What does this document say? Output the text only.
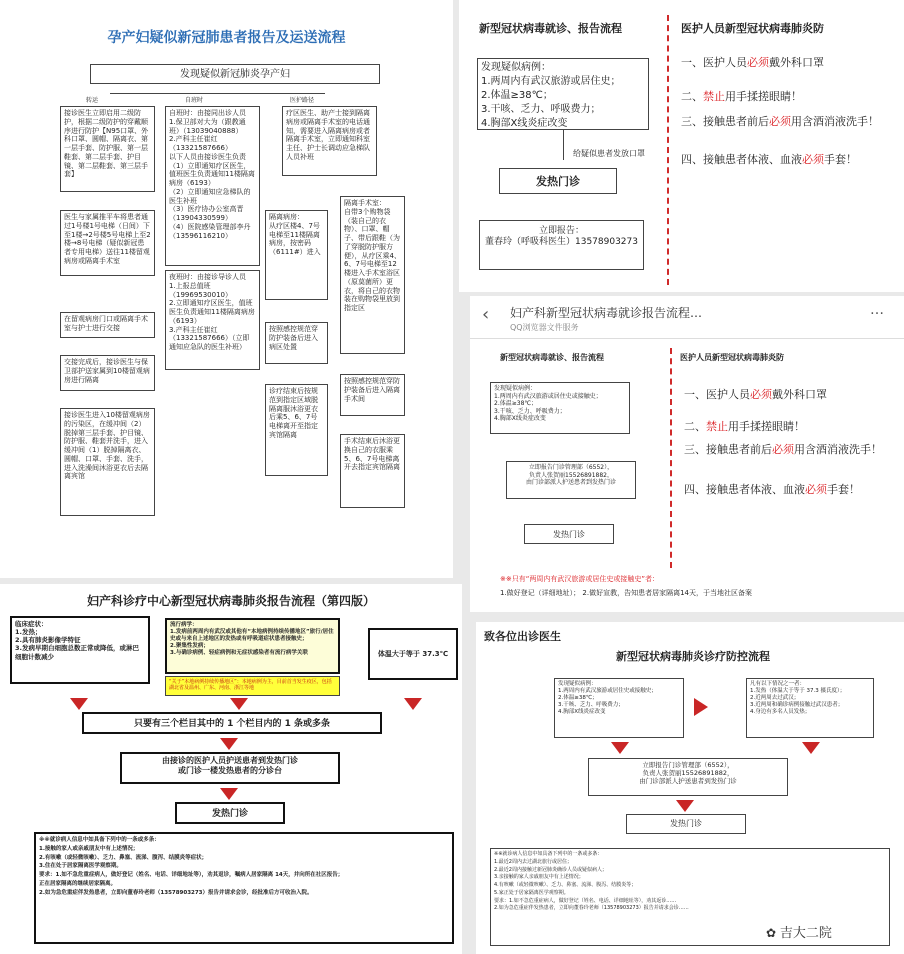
孕产妇疑似新冠肺患者报告及运送流程
发现疑似新冠肺炎孕产妇
转运	自班时	医护路径
接诊医生立即启用二级防护，根据二级防护的穿戴顺序进行防护【N95口罩、外科口罩、圆帽、隔离衣、第一层手套、防护服、第一层鞋套、第二层手套、护目镜、第二层鞋套、第三层手套】
医生与家属推平车将患者通过1号楼1号电梯（日间）下至1楼→2号楼5号电梯上至2楼→8号电梯（疑似新冠患者专用电梯）送往11楼留观病房或隔离手术室
在留观病房门口或隔离手术室与护士进行交接
交接完成后，接诊医生与保卫部护送家属到10楼留观病房进行隔离
接诊医生进入10楼留观病房的污染区，在缓冲间（2）脱掉第三层手套、护目镜、防护服、鞋套并洗手，进入缓冲间（1）脱掉隔离衣、圆帽、口罩、手套、洗手，进入洗澡间沐浴更衣后去隔离宾馆
自班时：由接同出诊人员
1.保卫部对大为（跟教通班）（13039040888）
2.产科主任崔红（13321587666）
以下人员由接诊医生负责
（1）立即通知疗区医生，值班医生负责通知11楼隔离病房（6193）
（2）立即通知应急梯队的医生补班
（3）医疗协办公室高晋（13904330599）
（4）医院感染管理部李丹（13596116210）
夜班时：由接诊导诊人员
1.上报总值班（19969530010）
2.立即通知疗区医生，值班医生负责通知11楼隔离病房（6193）
3.产科主任崔红（13321587666）（立即通知应急队的医生补班）
疗区医生、助产士接到隔离病房或隔离手术室的电话通知，需要进入隔离病房或者隔离手术室，立即通知科室主任、护士长调动应急梯队人员补班
隔离病房：
从疗区楼4、7号电梯至11楼隔离病房，按密码（6111#）进入
按照感控规范穿防护装备后进入病区处置
诊疗结束后按规范到指定区域脱隔离服沐浴更衣后乘5、6、7号电梯离开至指定宾馆隔离
隔离手术室：
自带3个购物袋（装自己的衣物）、口罩、帽子、带后跟鞋（为了穿脱防护服方便），从疗区乘4、6、7号电梯至12楼进入手术室浴区（原莫菌所）更衣，将自己的衣物装在购物袋里放到指定区
按照感控规范穿防护装备后进入隔离手术间
手术结束后沐浴更换自己的衣服乘5、6、7号电梯离开去指定宾馆隔离
新型冠状病毒就诊、报告流程	医护人员新型冠状病毒肺炎防
发现疑似病例：
1.两周内有武汉旅游或居住史；
2.体温≥38℃；
3.干咳、乏力、呼吸费力；
4.胸部X线炎症改变
给疑似患者发放口罩
发热门诊
立即报告：
董春玲（呼吸科医生）13578903273
一、医护人员必须戴外科口罩
二、禁止用手揉搓眼睛！
三、接触患者前后必须用含酒消液洗手！
四、接触患者体液、血液必须手套！
‹ 妇产科新型冠状病毒就诊报告流程…
QQ浏览器文件服务
…
新型冠状病毒就诊、报告流程	医护人员新型冠状病毒肺炎防
发现疑似病例：
1.两周内有武汉旅游或居住史或接触史；
2.体温≥38℃；
3.干咳、乏力、呼吸费力；
4.胸部X线炎症改变
立即报告门诊管理部（6552），
负责人张贺丽15526891882，
由门诊部派人护送患者到发热门诊
发热门诊
一、医护人员必须戴外科口罩
二、禁止用手揉搓眼睛！
三、接触患者前后必须用含酒消液洗手！
四、接触患者体液、血液必须手套！
※※只有“两周内有武汉旅游或居住史或接触史”者：
1.做好登记（详细地址）； 2.做好宣教，告知患者居家隔离14天，于当地社区备案
妇产科诊疗中心新型冠状病毒肺炎报告流程（第四版）
临床症状：
1.发热；
2.具有肺炎影像学特征
3.发病早期白细胞总数正常或降低，或淋巴细胞计数减少
流行病学：
1.发病前两周内有武汉或其他有“本地病例持续传播地区”旅行/居住史或与来自上述地区的发热或有呼吸道症状患者接触史；
2.聚集性发病；
3.与确诊病例、轻症病例和无症状感染者有流行病学关联
“关于”本地病例持续传播地区”：本地病例为主，目前首当发生疫区，包括湖北省及温州、广东、河南、浙江等地
体温大于等于 37.3℃
只要有三个栏目其中的 1 个栏目内的 1 条或多条
由接诊的医护人员护送患者到发热门诊
或门诊一楼发热患者的分诊台
发热门诊
※※就诊病人信息中如具备下列中的一条或多条：
1.接触的家人或亲戚朋友中有上述情况；
2.有咳嗽（或轻微咳嗽）、乏力、鼻塞、流涕、腹泻、结膜炎等症状；
3.住在处于居家隔离医学观察期。
要求：1.如不急危重症病人，做好登记（姓名、电话、详细地址等），劝其返诊，嘱病人居家隔离 14天，并向所在社区报告；
正在居家隔离的继续居家隔离。
2.如为急危重症伴发热患者，立即向董春玲老师（13578903273）报告并请求会诊，经批准后方可收治入院。
致各位出诊医生
新型冠状病毒肺炎诊疗防控流程
发现疑似病例：
1.两周内有武汉旅游或居住史或接触史；
2.体温≥38℃；
3.干咳、乏力、呼吸费力；
4.胸部X线炎症改变
凡有以下情况之一者：
1.发热（体温大于等于 37.3 摄氏度）；
2.近两周去过武汉；
3.近两周和确诊病例接触过武汉患者；
4.身边有多名人员发热；
立即报告门诊管理部（6552），
负责人张贺丽15526891882，
由门诊部派人护送患者到发热门诊
发热门诊
※※就诊病人信息中如具备下列中的一条或多条：
1.最近2周内去过湖北旅行或居住；
2.最近2周内接触过新冠肺炎确诊人员或疑似病人；
3.亲接触的家人亲戚朋友中有上述情况；
4.有咳嗽（或轻微咳嗽）、乏力、鼻塞、流涕、腹泻、结膜炎等；
5.家正处于居家隔离医学观察期。
要求：1.如不急危重症病人，做好登记（姓名、电话、详细地址等），劝其返诊……
2.如为急危重症伴发热患者，立即向董春玲老师（13578903273）报告并请求会诊……
✿ 吉大二院
